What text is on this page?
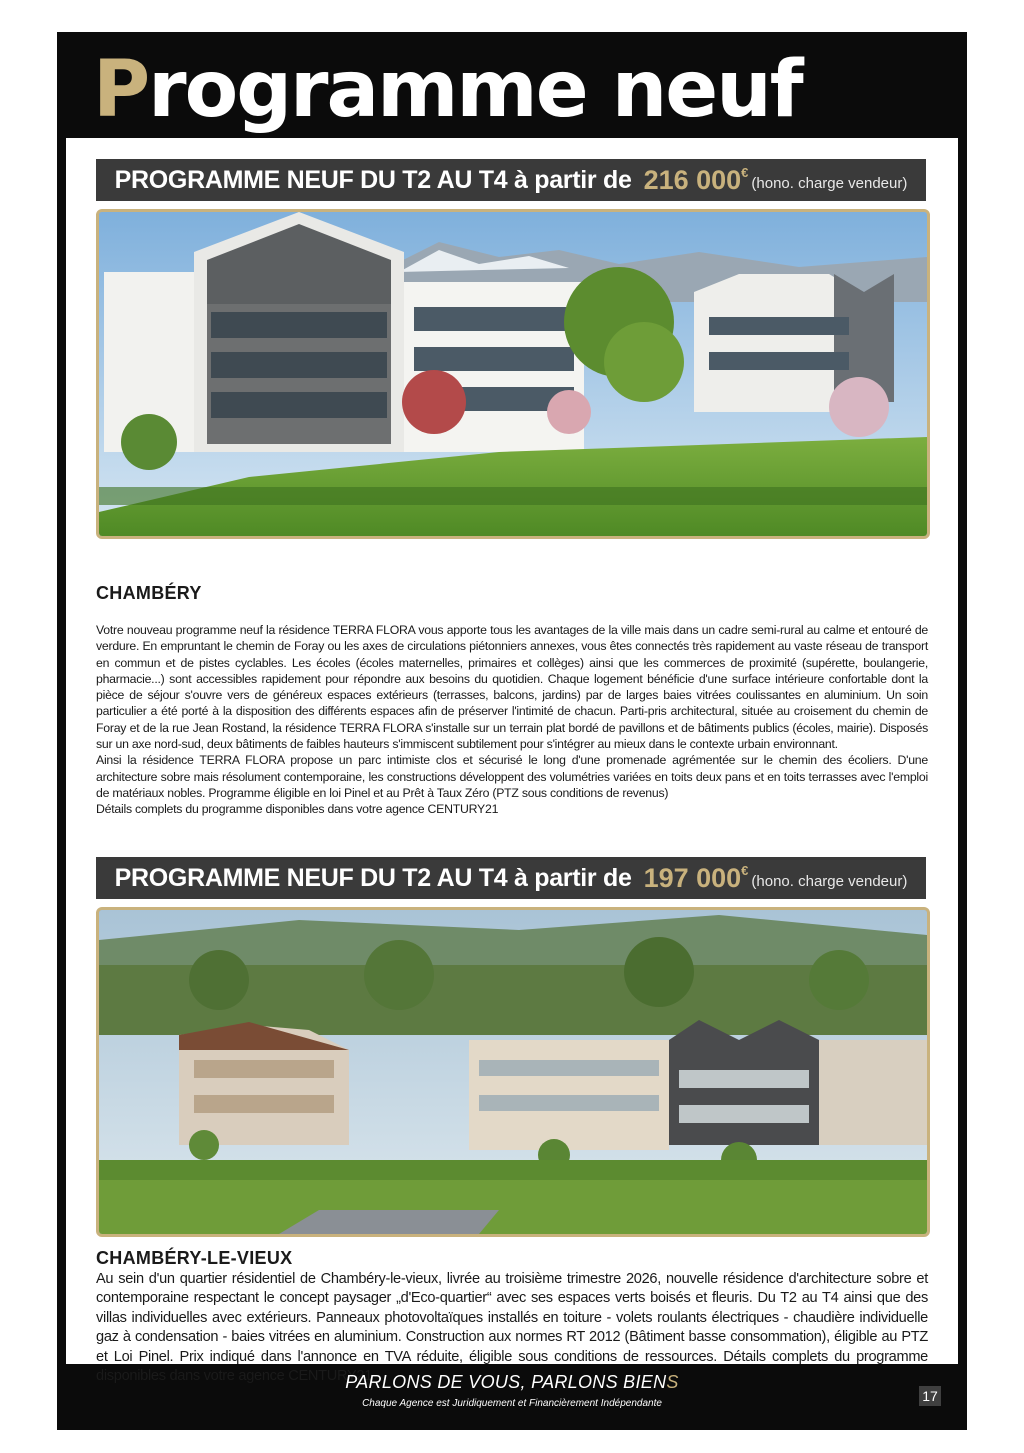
Programme neuf
PROGRAMME NEUF DU T2 AU T4 à partir de 216 000 €
(hono. charge vendeur)
CHAMBÉRY

Votre nouveau programme neuf la résidence TERRA FLORA vous apporte tous les avantages de la ville mais dans un cadre semi-rural au calme et entouré de verdure. En empruntant le chemin de Foray ou les axes de circulations piétonniers annexes, vous êtes connectés très rapidement au vaste réseau de transport en commun et de pistes cyclables. Les écoles (écoles maternelles, primaires et collèges) ainsi que les commerces de proximité (supérette, boulangerie, pharmacie...) sont accessibles rapidement pour répondre aux besoins du quotidien. Chaque logement bénéficie d'une surface intérieure confortable dont la pièce de séjour s'ouvre vers de généreux espaces extérieurs (terrasses, balcons, jardins) par de larges baies vitrées coulissantes en aluminium. Un soin particulier a été porté à la disposition des différents espaces afin de préserver l'intimité de chacun. Parti-pris architectural, située au croisement du chemin de Foray et de la rue Jean Rostand, la résidence TERRA FLORA s'installe sur un terrain plat bordé de pavillons et de bâtiments publics (écoles, mairie). Disposés sur un axe nord-sud, deux bâtiments de faibles hauteurs s'immiscent subtilement pour s'intégrer au mieux dans le contexte urbain environnant.
Ainsi la résidence TERRA FLORA propose un parc intimiste clos et sécurisé le long d'une promenade agrémentée sur le chemin des écoliers. D'une architecture sobre mais résolument contemporaine, les constructions développent des volumétries variées en toits deux pans et en toits terrasses avec l'emploi de matériaux nobles. Programme éligible en loi Pinel et au Prêt à Taux Zéro (PTZ sous conditions de revenus)
Détails complets du programme disponibles dans votre agence CENTURY21

PROGRAMME NEUF DU T2 AU T4 à partir de 197 000 €
(hono. charge vendeur)
CHAMBÉRY-LE-VIEUX

Au sein d'un quartier résidentiel de Chambéry-le-vieux, livrée au troisième trimestre 2026, nouvelle résidence d'architecture sobre et contemporaine respectant le concept paysager „d'Eco-quartier“ avec ses espaces verts boisés et fleuris. Du T2 au T4 ainsi que des villas individuelles avec extérieurs. Panneaux photovoltaïques installés en toiture - volets roulants électriques - chaudière individuelle gaz à condensation - baies vitrées en aluminium. Construction aux normes RT 2012 (Bâtiment basse consommation), éligible au PTZ et Loi Pinel. Prix indiqué dans l'annonce en TVA réduite, éligible sous conditions de ressources. Détails complets du programme disponibles dans votre agence CENTURY21

PARLONS DE VOUS, PARLONS BIENS

Chaque Agence est Juridiquement et Financièrement Indépendante	17
